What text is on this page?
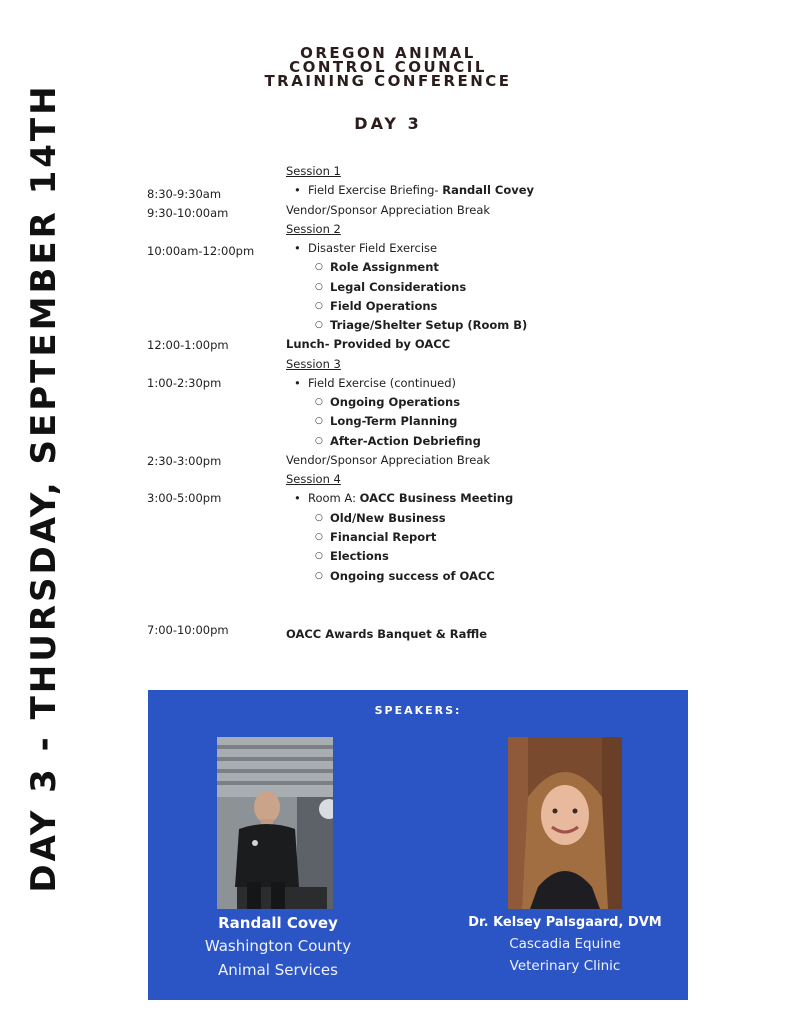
DAY 3 - THURSDAY, SEPTEMBER 14TH
OREGON ANIMAL
CONTROL COUNCIL
TRAINING CONFERENCE
DAY 3
Session 1
8:30-9:30am	• Field Exercise Briefing- Randall Covey
9:30-10:00am	Vendor/Sponsor Appreciation Break
Session 2
10:00am-12:00pm	• Disaster Field Exercise
○ Role Assignment
○ Legal Considerations
○ Field Operations
○ Triage/Shelter Setup (Room B)
12:00-1:00pm	Lunch- Provided by OACC
Session 3
1:00-2:30pm	• Field Exercise (continued)
○ Ongoing Operations
○ Long-Term Planning
○ After-Action Debriefing
2:30-3:00pm	Vendor/Sponsor Appreciation Break
Session 4
3:00-5:00pm	• Room A: OACC Business Meeting
○ Old/New Business
○ Financial Report
○ Elections
○ Ongoing success of OACC
7:00-10:00pm	OACC Awards Banquet & Raffle
SPEAKERS:
Randall Covey
Washington County
Animal Services
Dr. Kelsey Palsgaard, DVM
Cascadia Equine
Veterinary Clinic
